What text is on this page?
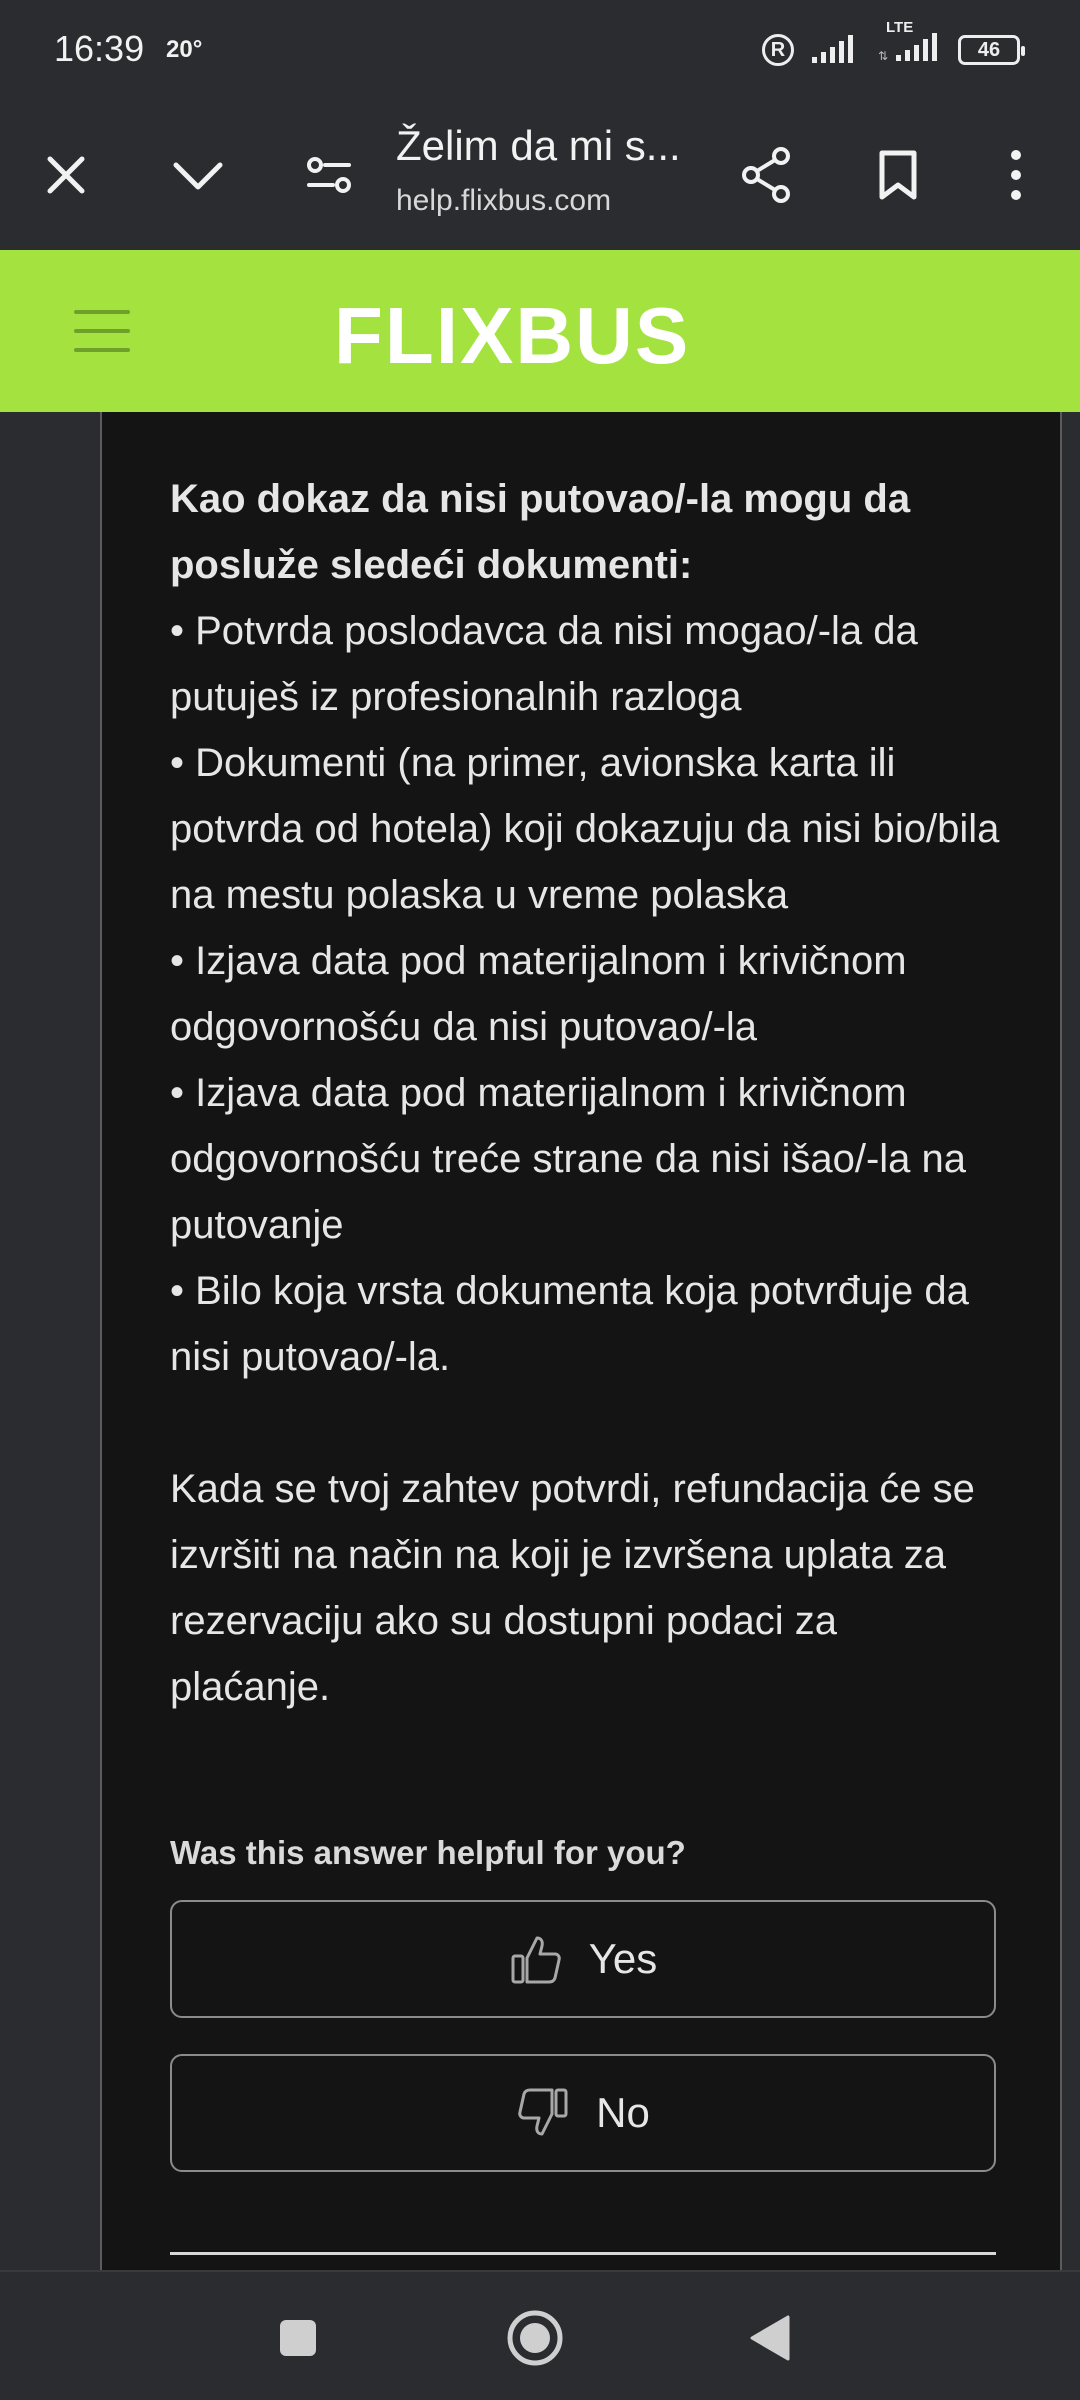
16:39 20°	R
LTE
⇅	46
Želim da mi s...
help.flixbus.com
FLIXBUS

Kao dokaz da nisi putovao/-la mogu da posluže sledeći dokumenti:

• Potvrda poslodavca da nisi mogao/-la da putuješ iz profesionalnih razloga

• Dokumenti (na primer, avionska karta ili potvrda od hotela) koji dokazuju da nisi bio/bila na mestu polaska u vreme polaska

• Izjava data pod materijalnom i krivičnom odgovornošću da nisi putovao/-la

• Izjava data pod materijalnom i krivičnom odgovornošću treće strane da nisi išao/-la na putovanje

• Bilo koja vrsta dokumenta koja potvrđuje da nisi putovao/-la.

Kada se tvoj zahtev potvrdi, refundacija će se izvršiti na način na koji je izvršena uplata za rezervaciju ako su dostupni podaci za plaćanje.

Was this answer helpful for you?
Yes
No
